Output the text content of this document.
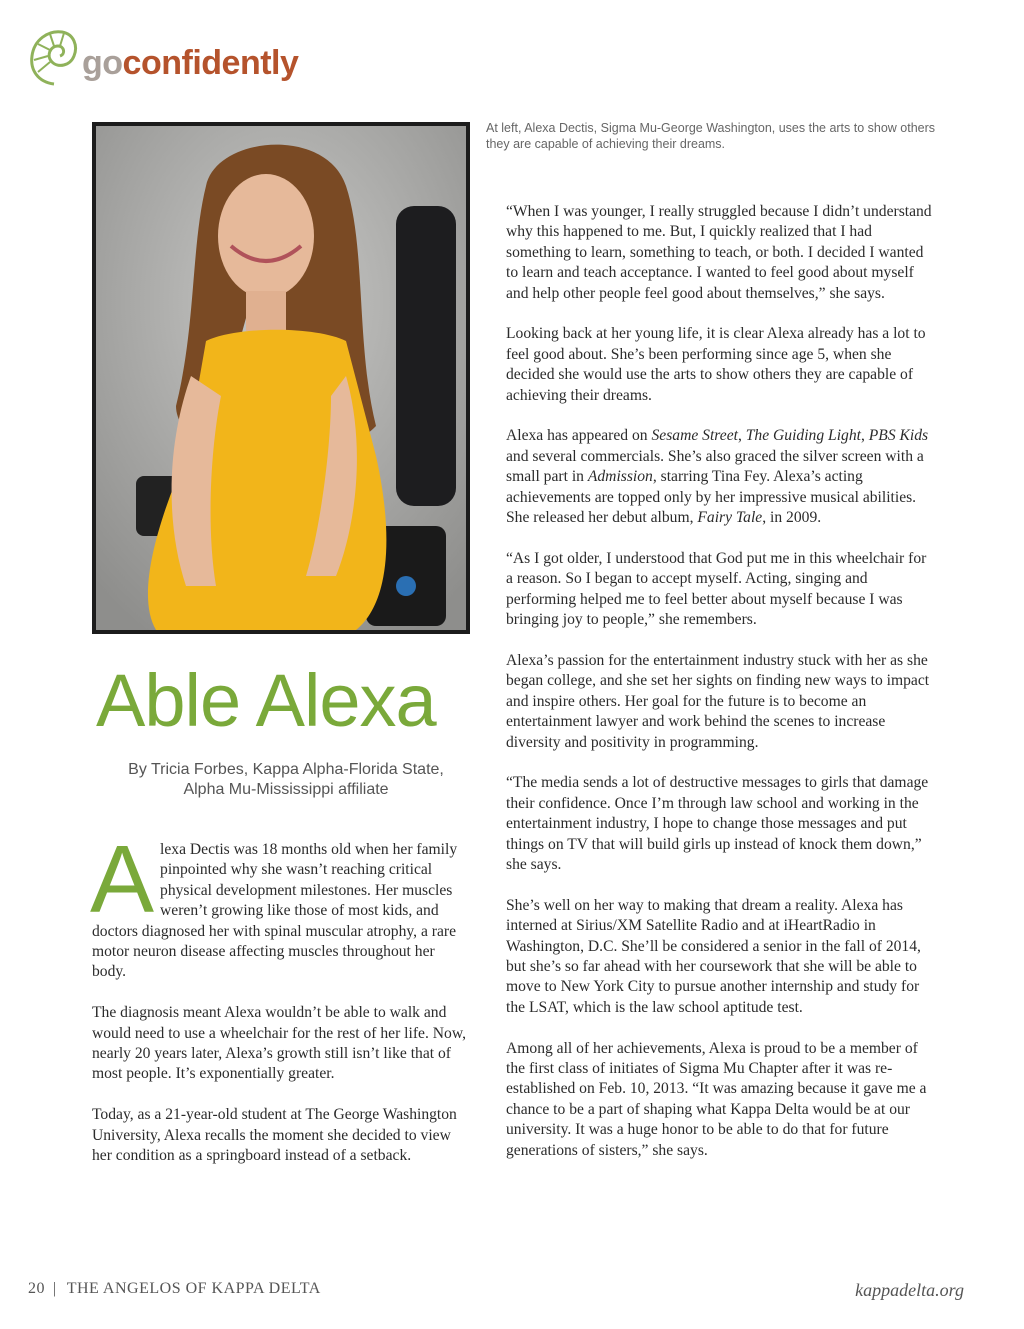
goconfidently
At left, Alexa Dectis, Sigma Mu-George Washington, uses the arts to show others they are capable of achieving their dreams.
Able Alexa
By Tricia Forbes, Kappa Alpha-Florida State,
Alpha Mu-Mississippi affiliate

Alexa Dectis was 18 months old when her family pinpointed why she wasn’t reaching critical physical development milestones. Her muscles weren’t growing like those of most kids, and doctors diagnosed her with spinal muscular atrophy, a rare motor neuron disease affecting muscles throughout her body.

The diagnosis meant Alexa wouldn’t be able to walk and would need to use a wheelchair for the rest of her life. Now, nearly 20 years later, Alexa’s growth still isn’t like that of most people. It’s exponentially greater.

Today, as a 21-year-old student at The George Washington University, Alexa recalls the moment she decided to view her condition as a springboard instead of a setback.

“When I was younger, I really struggled because I didn’t understand why this happened to me. But, I quickly realized that I had something to learn, something to teach, or both. I decided I wanted to learn and teach acceptance. I wanted to feel good about myself and help other people feel good about themselves,” she says.

Looking back at her young life, it is clear Alexa already has a lot to feel good about. She’s been performing since age 5, when she decided she would use the arts to show others they are capable of achieving their dreams.

Alexa has appeared on Sesame Street, The Guiding Light, PBS Kids and several commercials. She’s also graced the silver screen with a small part in Admission, starring Tina Fey. Alexa’s acting achievements are topped only by her impressive musical abilities. She released her debut album, Fairy Tale, in 2009.

“As I got older, I understood that God put me in this wheelchair for a reason. So I began to accept myself. Acting, singing and performing helped me to feel better about myself because I was bringing joy to people,” she remembers.

Alexa’s passion for the entertainment industry stuck with her as she began college, and she set her sights on finding new ways to impact and inspire others. Her goal for the future is to become an entertainment lawyer and work behind the scenes to increase diversity and positivity in programming.

“The media sends a lot of destructive messages to girls that damage their confidence. Once I’m through law school and working in the entertainment industry, I hope to change those messages and put things on TV that will build girls up instead of knock them down,” she says.

She’s well on her way to making that dream a reality. Alexa has interned at Sirius/XM Satellite Radio and at iHeartRadio in Washington, D.C. She’ll be considered a senior in the fall of 2014, but she’s so far ahead with her coursework that she will be able to move to New York City to pursue another internship and study for the LSAT, which is the law school aptitude test.

Among all of her achievements, Alexa is proud to be a member of the first class of initiates of Sigma Mu Chapter after it was re-established on Feb. 10, 2013. “It was amazing because it gave me a chance to be a part of shaping what Kappa Delta would be at our university. It was a huge honor to be able to do that for future generations of sisters,” she says.

20 | THE ANGELOS OF KAPPA DELTA	kappadelta.org
